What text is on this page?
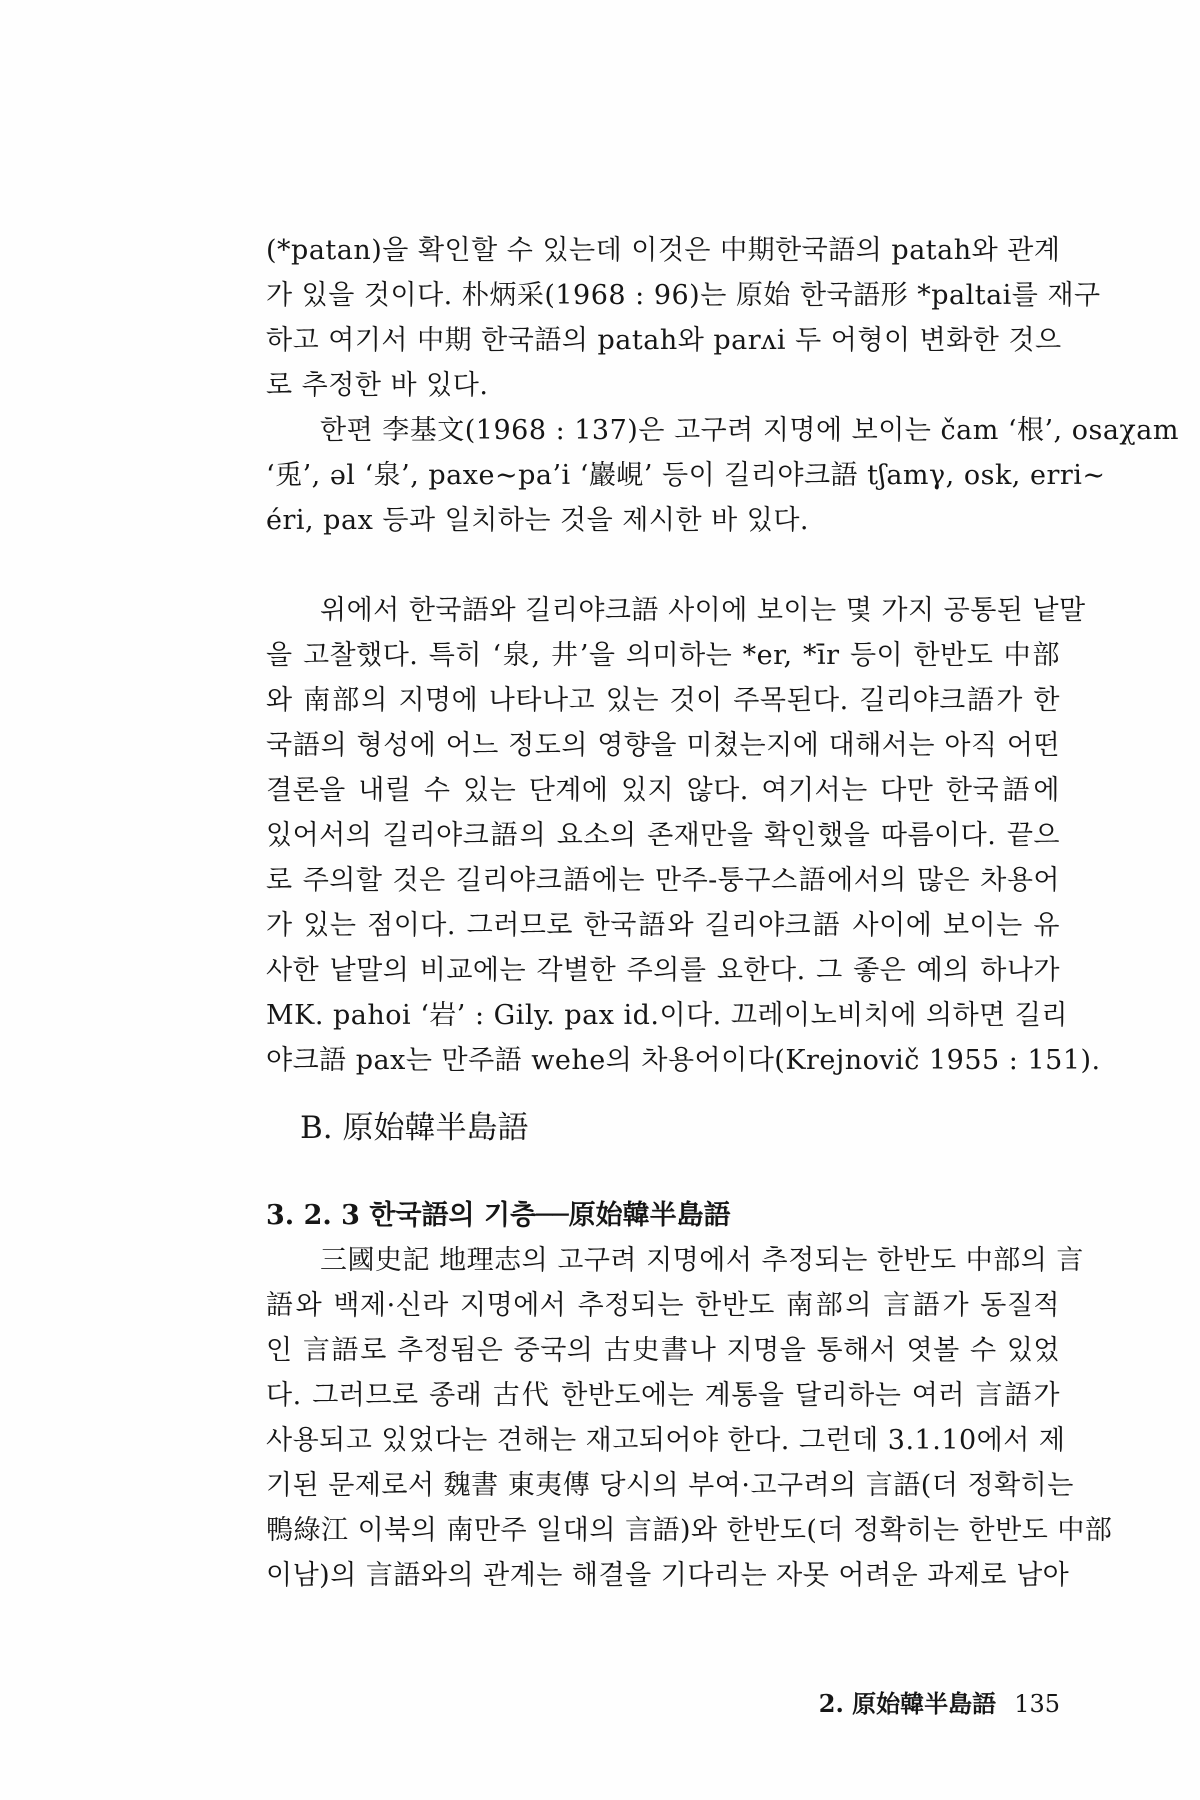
(*patan)을 확인할 수 있는데 이것은 中期한국語의 patah와 관계
가 있을 것이다. 朴炳采(1968 : 96)는 原始 한국語形 *paltai를 재구
하고 여기서 中期 한국語의 patah와 parʌi 두 어형이 변화한 것으
로 추정한 바 있다.
한편 李基文(1968 : 137)은 고구려 지명에 보이는 čam ‘根’, osaχam
‘兎’, əl ‘泉’, paxe∼pa’i ‘巖峴’ 등이 길리야크語 tʃamγ, osk, erri∼
éri, pax 등과 일치하는 것을 제시한 바 있다.
위에서 한국語와 길리야크語 사이에 보이는 몇 가지 공통된 낱말
을 고찰했다. 특히 ‘泉, 井’을 의미하는 *er, *īr 등이 한반도 中部
와 南部의 지명에 나타나고 있는 것이 주목된다. 길리야크語가 한
국語의 형성에 어느 정도의 영향을 미쳤는지에 대해서는 아직 어떤
결론을 내릴 수 있는 단계에 있지 않다. 여기서는 다만 한국語에
있어서의 길리야크語의 요소의 존재만을 확인했을 따름이다. 끝으
로 주의할 것은 길리야크語에는 만주-퉁구스語에서의 많은 차용어
가 있는 점이다. 그러므로 한국語와 길리야크語 사이에 보이는 유
사한 낱말의 비교에는 각별한 주의를 요한다. 그 좋은 예의 하나가
MK. pahoi ‘岩’ : Gily. pax id.이다. 끄레이노비치에 의하면 길리
야크語 pax는 만주語 wehe의 차용어이다(Krejnovič 1955 : 151).
B. 原始韓半島語
3. 2. 3 한국語의 기층──原始韓半島語
三國史記 地理志의 고구려 지명에서 추정되는 한반도 中部의 言
語와 백제·신라 지명에서 추정되는 한반도 南部의 言語가 동질적
인 言語로 추정됨은 중국의 古史書나 지명을 통해서 엿볼 수 있었
다. 그러므로 종래 古代 한반도에는 계통을 달리하는 여러 言語가
사용되고 있었다는 견해는 재고되어야 한다. 그런데 3.1.10에서 제
기된 문제로서 魏書 東夷傳 당시의 부여·고구려의 言語(더 정확히는
鴨綠江 이북의 南만주 일대의 言語)와 한반도(더 정확히는 한반도 中部
이남)의 言語와의 관계는 해결을 기다리는 자못 어려운 과제로 남아
2. 原始韓半島語 135
